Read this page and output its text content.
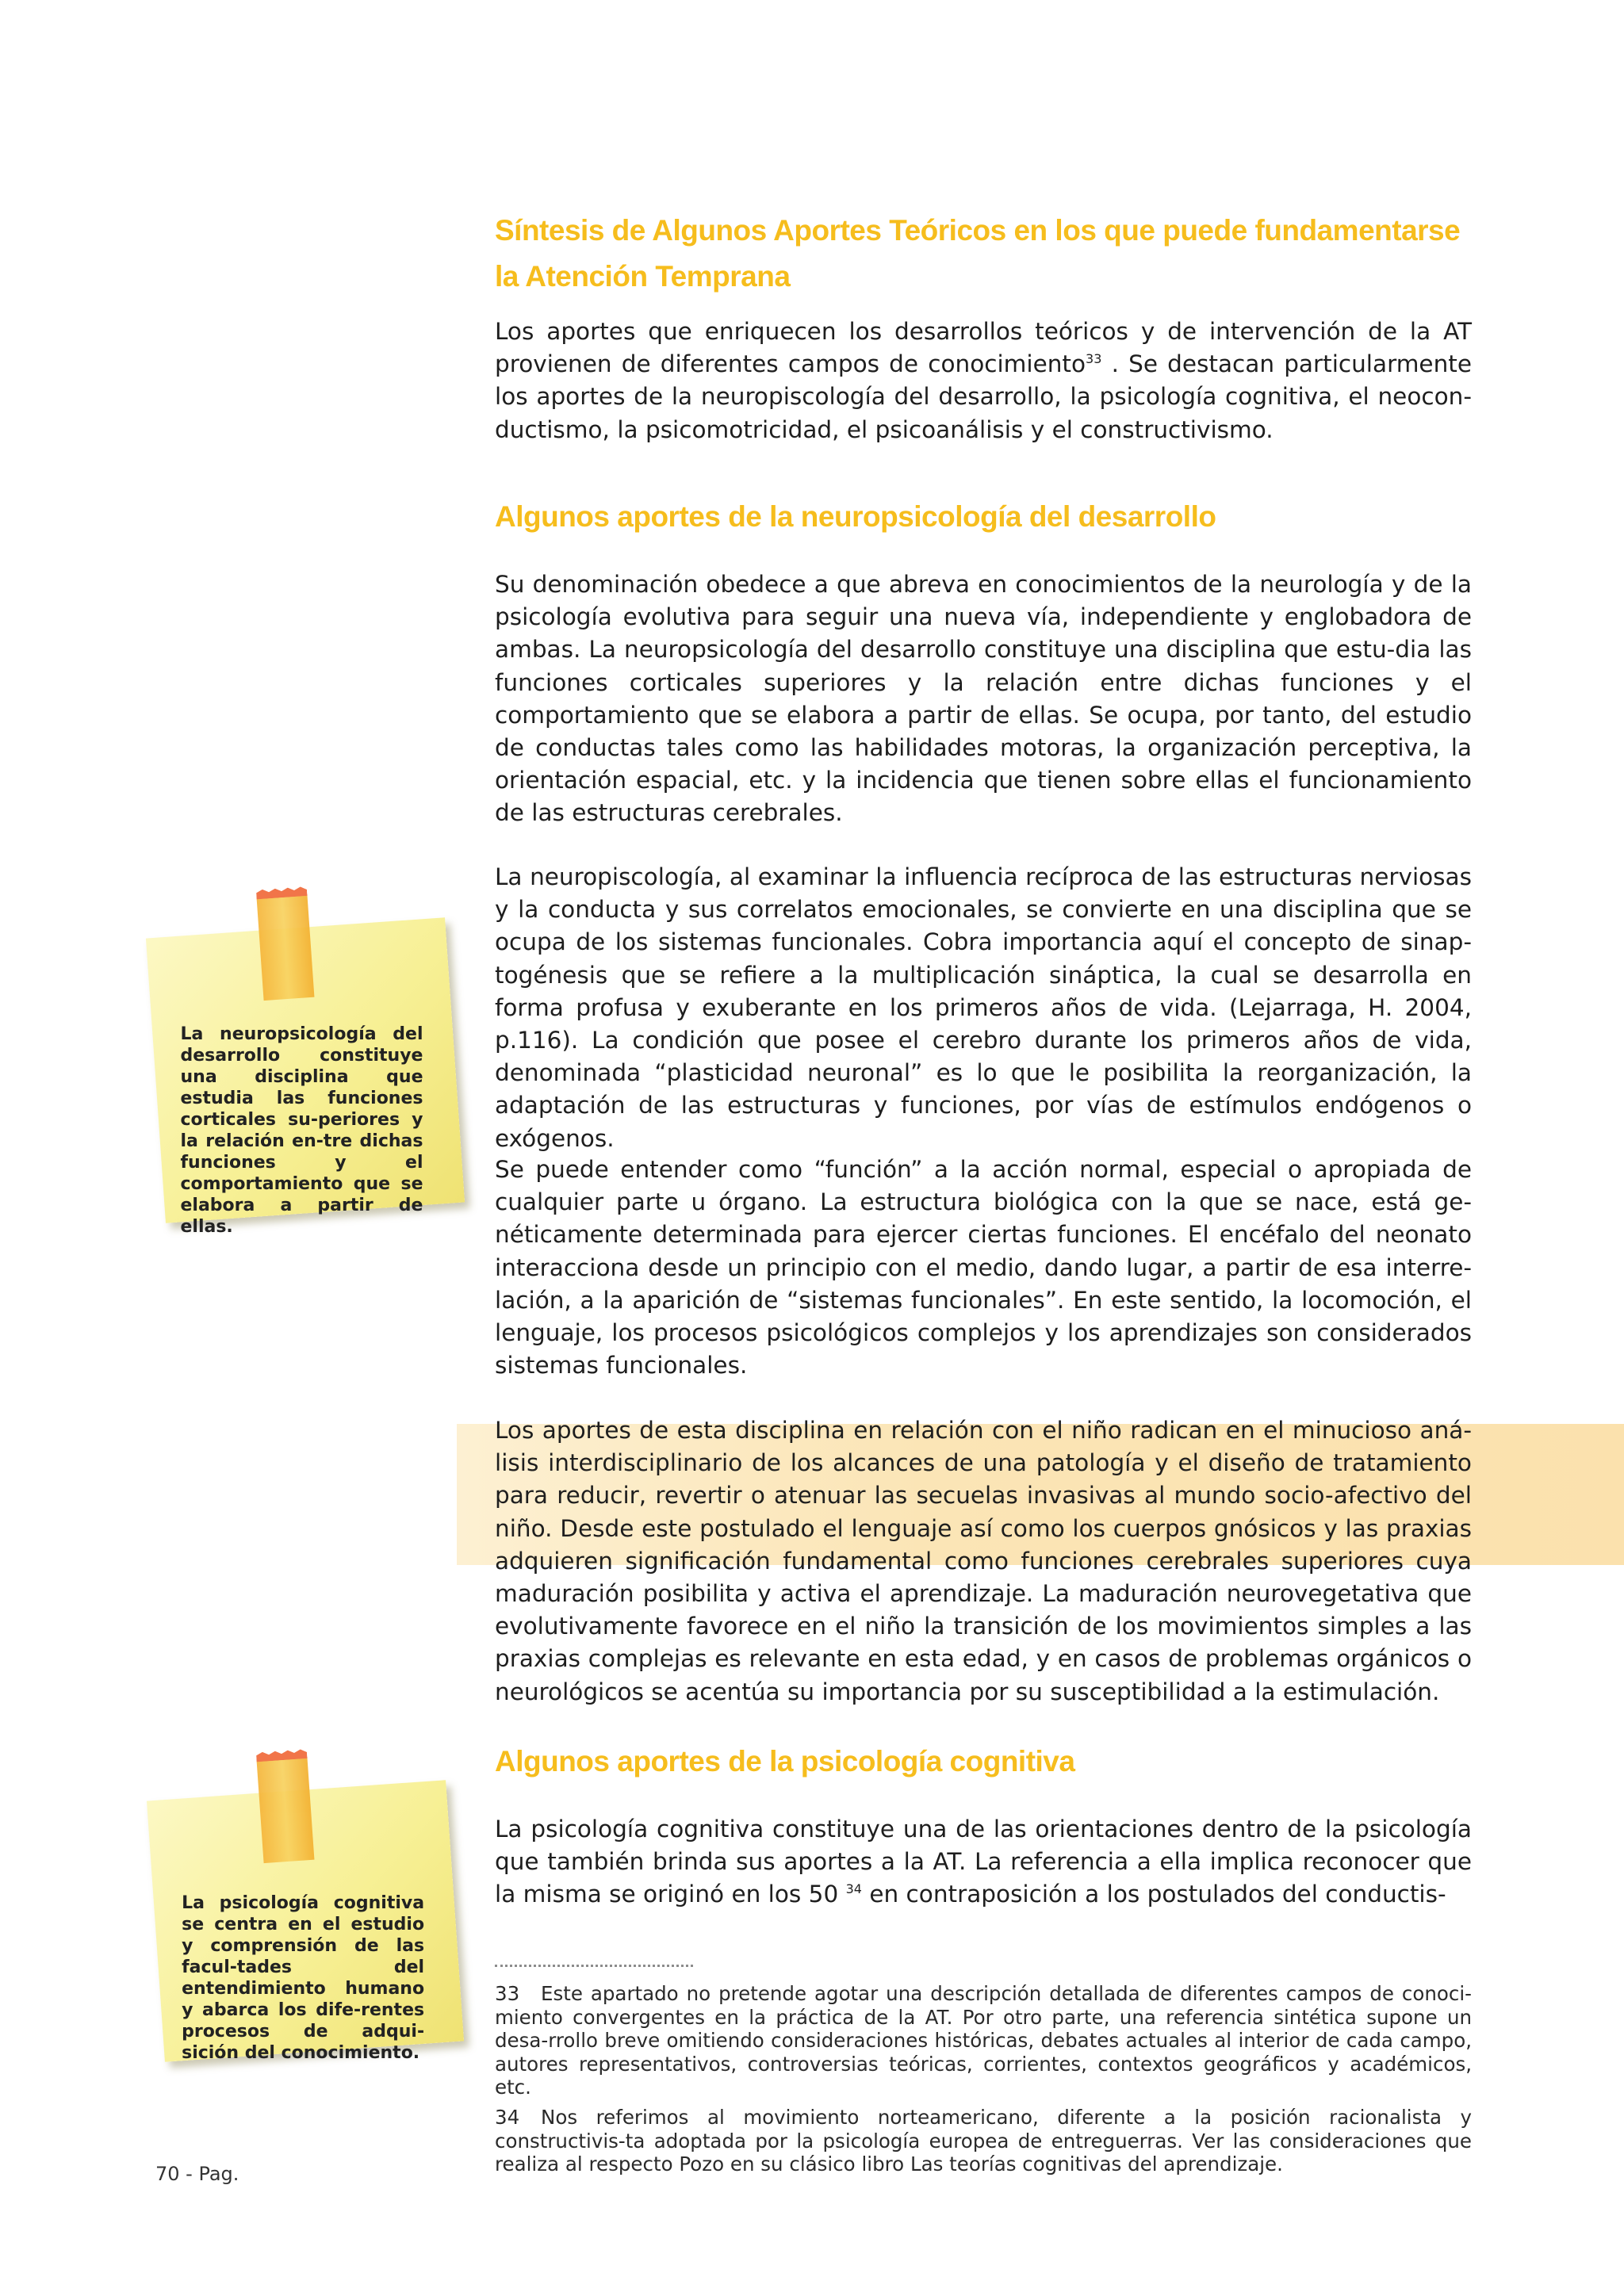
Síntesis de Algunos Aportes Teóricos en los que puede fundamentarse
la Atención Temprana

Los aportes que enriquecen los desarrollos teóricos y de intervención de la AT provienen de diferentes campos de conocimiento$^{33}$ . Se destacan particularmente los aportes de la neuropiscología del desarrollo, la psicología cognitiva, el neocon-ductismo, la psicomotricidad, el psicoanálisis y el constructivismo.

Algunos aportes de la neuropsicología del desarrollo

Su denominación obedece a que abreva en conocimientos de la neurología y de la psicología evolutiva para seguir una nueva vía, independiente y englobadora de ambas. La neuropsicología del desarrollo constituye una disciplina que estu-dia las funciones corticales superiores y la relación entre dichas funciones y el comportamiento que se elabora a partir de ellas. Se ocupa, por tanto, del estudio de conductas tales como las habilidades motoras, la organización perceptiva, la orientación espacial, etc. y la incidencia que tienen sobre ellas el funcionamiento de las estructuras cerebrales.

La neuropiscología, al examinar la influencia recíproca de las estructuras nerviosas y la conducta y sus correlatos emocionales, se convierte en una disciplina que se ocupa de los sistemas funcionales. Cobra importancia aquí el concepto de sinap-togénesis que se refiere a la multiplicación sináptica, la cual se desarrolla en forma profusa y exuberante en los primeros años de vida. (Lejarraga, H. 2004, p.116). La condición que posee el cerebro durante los primeros años de vida, denominada “plasticidad neuronal” es lo que le posibilita la reorganización, la adaptación de las estructuras y funciones, por vías de estímulos endógenos o exógenos.

Se puede entender como “función” a la acción normal, especial o apropiada de cualquier parte u órgano. La estructura biológica con la que se nace, está ge-néticamente determinada para ejercer ciertas funciones. El encéfalo del neonato interacciona desde un principio con el medio, dando lugar, a partir de esa interre-lación, a la aparición de “sistemas funcionales”. En este sentido, la locomoción, el lenguaje, los procesos psicológicos complejos y los aprendizajes son considerados sistemas funcionales.

Los aportes de esta disciplina en relación con el niño radican en el minucioso aná-lisis interdisciplinario de los alcances de una patología y el diseño de tratamiento para reducir, revertir o atenuar las secuelas invasivas al mundo socio-afectivo del niño. Desde este postulado el lenguaje así como los cuerpos gnósicos y las praxias adquieren significación fundamental como funciones cerebrales superiores cuya maduración posibilita y activa el aprendizaje. La maduración neurovegetativa que evolutivamente favorece en el niño la transición de los movimientos simples a las praxias complejas es relevante en esta edad, y en casos de problemas orgánicos o neurológicos se acentúa su importancia por su susceptibilidad a la estimulación.

Algunos aportes de la psicología cognitiva

La psicología cognitiva constituye una de las orientaciones dentro de la psicología que también brinda sus aportes a la AT. La referencia a ella implica reconocer que la misma se originó en los 50 $^{34}$ en contraposición a los postulados del conductis-

La neuropsicología del desarrollo constituye una disciplina que estudia las funciones corticales su-periores y la relación en-tre dichas funciones y el comportamiento que se elabora a partir de ellas.
La psicología cognitiva se centra en el estudio y comprensión de las facul-tades del entendimiento humano y abarca los dife-rentes procesos de adqui-sición del conocimiento.

33 Este apartado no pretende agotar una descripción detallada de diferentes campos de conoci-miento convergentes en la práctica de la AT. Por otro parte, una referencia sintética supone un desa-rrollo breve omitiendo consideraciones históricas, debates actuales al interior de cada campo, autores representativos, controversias teóricas, corrientes, contextos geográficos y académicos, etc.

34 Nos referimos al movimiento norteamericano, diferente a la posición racionalista y constructivis-ta adoptada por la psicología europea de entreguerras. Ver las consideraciones que realiza al respecto Pozo en su clásico libro Las teorías cognitivas del aprendizaje.

70 - Pag.
